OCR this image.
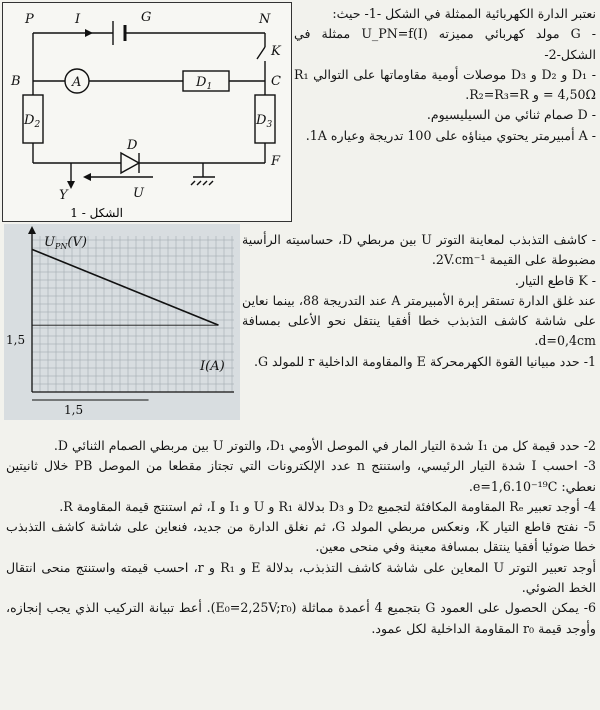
P	I	G	N
K
B	A	$D_1$	C
$D_2$	$D_3$
D
F
Y	U
الشكل - 1
$U_{PN}(V)$
I(A)
1,5
1,5

نعتبر الدارة الكهربائية الممثلة في الشكل -1- حيث:

- G مولد كهربائي مميزته U_PN=f(I) ممثلة في الشكل-2-

- D₁ و D₂ و D₃ موصلات أومية مقاوماتها على التوالي R₁ = 4,50Ω و R₂=R₃=R.

- D صمام ثنائي من السيليسيوم.

- A أمبيرمتر يحتوي ميناؤه على 100 تدريجة وعياره 1A.

- كاشف التذبذب لمعاينة التوتر U بين مربطي D، حساسيته الرأسية مضبوطة على القيمة 2V.cm⁻¹.

- K قاطع التيار.

عند غلق الدارة تستقر إبرة الأمبيرمتر A عند التدريجة 88، بينما نعاين على شاشة كاشف التذبذب خطا أفقيا ينتقل نحو الأعلى بمسافة d=0,4cm.

1- حدد مبيانيا القوة الكهرمحركة E والمقاومة الداخلية r للمولد G.

2- حدد قيمة كل من I₁ شدة التيار المار في الموصل الأومي D₁، والتوتر U بين مربطي الصمام الثنائي D.

3- احسب I شدة التيار الرئيسي، واستنتج n عدد الإلكترونات التي تجتاز مقطعا من الموصل PB خلال ثانيتين نعطي: e=1,6.10⁻¹⁹C.

4- أوجد تعبير Rₑ المقاومة المكافئة لتجميع D₂ و D₃ بدلالة R₁ و U و I₁ و I، ثم استنتج قيمة المقاومة R.

5- نفتح قاطع التيار K، ونعكس مربطي المولد G، ثم نغلق الدارة من جديد، فنعاين على شاشة كاشف التذبذب خطا ضوئيا أفقيا ينتقل بمسافة معينة وفي منحى معين.

أوجد تعبير التوتر U المعاين على شاشة كاشف التذبذب، بدلالة E و R₁ و r، احسب قيمته واستنتج منحى انتقال الخط الضوئي.

6- يمكن الحصول على العمود G بتجميع 4 أعمدة مماثلة (E₀=2,25V;r₀). أعط تبيانة التركيب الذي يجب إنجازه، وأوجد قيمة r₀ المقاومة الداخلية لكل عمود.
